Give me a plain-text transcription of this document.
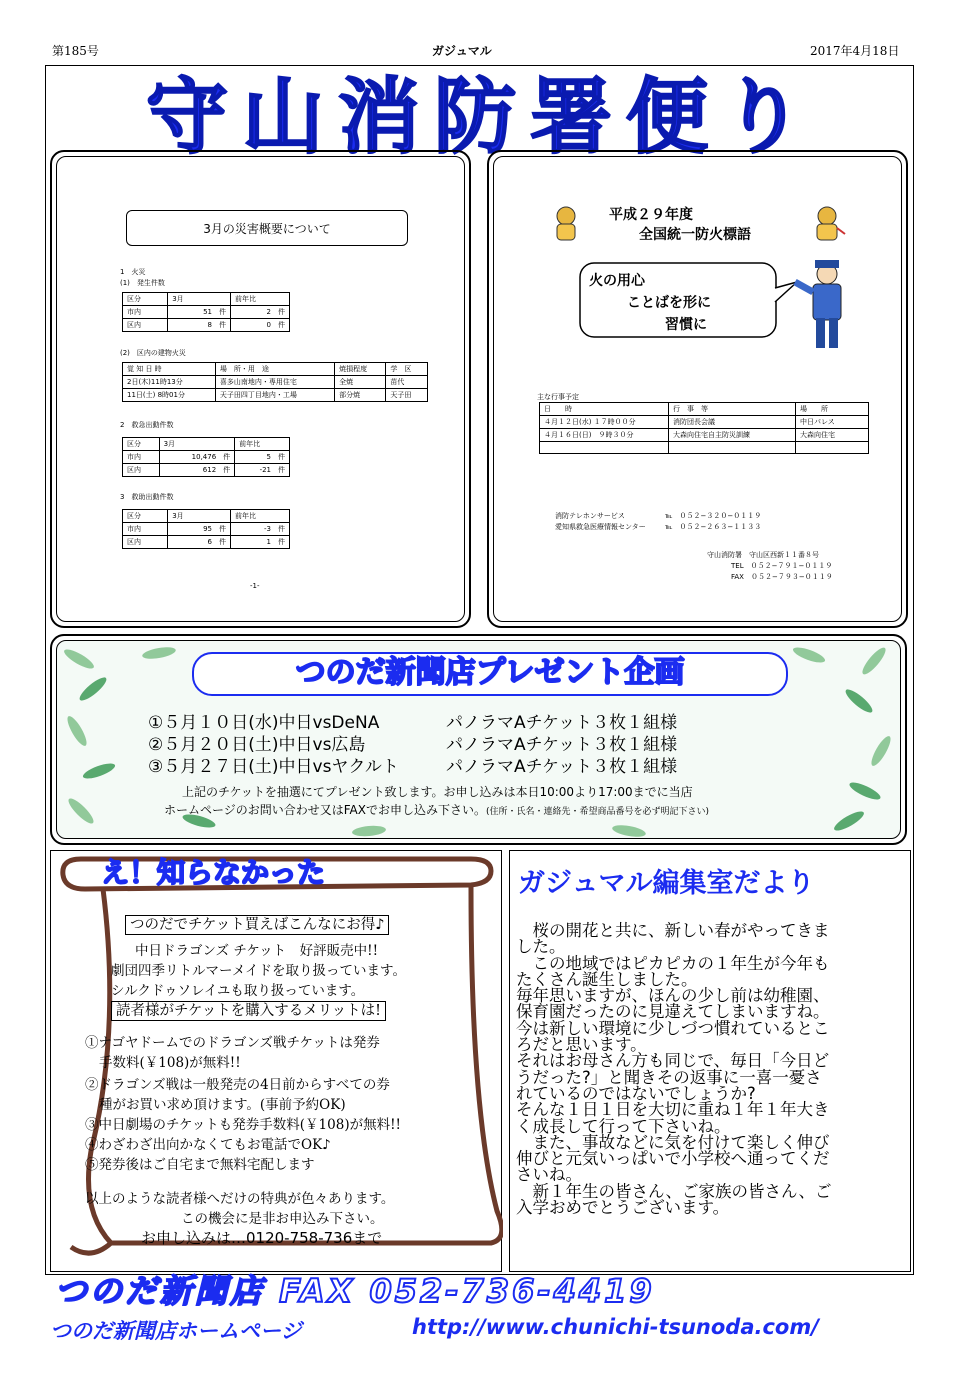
第185号	ガジュマル	2017年4月18日
守山消防署便り
3月の災害概要について
1　火災
(1)　発生件数
区分	3月	前年比
市内	51　件	2　件
区内	8　件	0　件
(2)　区内の建物火災
覚 知 日 時	場　所・用　途	焼損程度	学　区
2日(木)11時13分	喜多山南地内・専用住宅	全焼	苗代
11日(土) 8時01分	天子田四丁目地内・工場	部分焼	天子田
2　救急出動件数
区分	3月	前年比
市内	10,476　件	5　件
区内	612　件	-21　件
3　救助出動件数
区分	3月	前年比
市内	95　件	-3　件
区内	6　件	1　件
-1-
平成２９年度
全国統一防火標語
火の用心
ことばを形に
習慣に
主な行事予定
日　　時	行　事　等	場　　所
４月１２日(水) １７時００分	消防団長会議	中日パレス
４月１６日(日)　９時３０分	大森向住宅自主防災訓練	大森向住宅

消防テレホンサービス	℡　０５２−３２０−０１１９
愛知県救急医療情報センター	℡　０５２−２６３−１１３３
守山消防署　守山区西新１１番８号
TEL　０５２−７９１−０１１９
FAX　０５２−７９３−０１１９
つのだ新聞店プレゼント企画
①５月１０日(水)中日vsDeNA	パノラマAチケット３枚１組様
②５月２０日(土)中日vs広島	パノラマAチケット３枚１組様
③５月２７日(土)中日vsヤクルト	パノラマAチケット３枚１組様
上記のチケットを抽選にてプレゼント致します。お申し込みは本日10:00より17:00までに当店
ホームページのお問い合わせ又はFAXでお申し込み下さい。(住所・氏名・連絡先・希望商品番号を必ず明記下さい)
え！知らなかった
つのだでチケット買えばこんなにお得♪
中日ドラゴンズ チケット　好評販売中!!
劇団四季リトルマーメイドを取り扱っています。
シルクドゥソレイユも取り扱っています。
読者様がチケットを購入するメリットは!
①ナゴヤドームでのドラゴンズ戦チケットは発券
手数料(￥108)が無料!!
②ドラゴンズ戦は一般発売の4日前からすべての券
種がお買い求め頂けます。(事前予約OK)
③中日劇場のチケットも発券手数料(￥108)が無料!!
④わざわざ出向かなくてもお電話でOK♪
⑤発券後はご自宅まで無料宅配します
以上のような読者様へだけの特典が色々あります。
この機会に是非お申込み下さい。
お申し込みは…0120-758-736まで
ガジュマル編集室だより
　桜の開花と共に、新しい春がやってきま
した。
　この地域ではピカピカの１年生が今年も
たくさん誕生しました。
毎年思いますが、ほんの少し前は幼稚園、
保育園だったのに見違えてしまいますね。
今は新しい環境に少しづつ慣れているとこ
ろだと思います。
それはお母さん方も同じで、毎日「今日ど
うだった?」と聞きその返事に一喜一憂さ
れているのではないでしょうか?
そんな１日１日を大切に重ね１年１年大き
く成長して行って下さいね。
　また、事故などに気を付けて楽しく伸び
伸びと元気いっぱいで小学校へ通ってくだ
さいね。
　新１年生の皆さん、ご家族の皆さん、ご
入学おめでとうございます。
つのだ新聞店 FAX 052-736-4419
つのだ新聞店ホームページ	http://www.chunichi-tsunoda.com/
